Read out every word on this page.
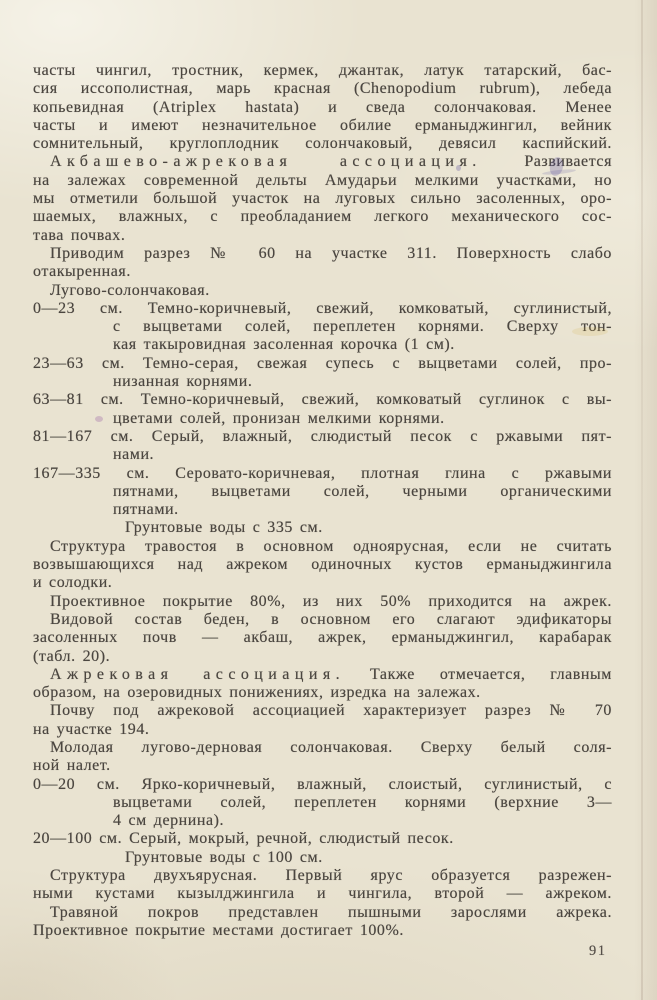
часты чингил, тростник, кермек, джантак, латук татарский, бас-
сия иссополистная, марь красная (Chenopodium rubrum), лебеда
копьевидная (Atriplex hastata) и сведа солончаковая. Менее
часты и имеют незначительное обилие ерманыджингил, вейник
сомнительный, круглоплодник солончаковый, девясил каспийский.
Акбашево-ажрековая ассоциация.	Развивается
на залежах современной дельты Амударьи мелкими участками, но
мы отметили большой участок на луговых сильно засоленных, оро-
шаемых, влажных, с преобладанием легкого механического сос-
тава почвах.
Приводим разрез № 60 на участке 311. Поверхность слабо
отакыренная.
Лугово-солончаковая.
0—23 см. Темно-коричневый, свежий, комковатый, суглинистый,
с выцветами солей, переплетен корнями. Сверху тон-
кая такыровидная засоленная корочка (1 см).
23—63 см. Темно-серая, свежая супесь с выцветами солей, про-
низанная корнями.
63—81 см. Темно-коричневый, свежий, комковатый суглинок с вы-
цветами солей, пронизан мелкими корнями.
81—167 см. Серый, влажный, слюдистый песок с ржавыми пят-
нами.
167—335 см. Серовато-коричневая, плотная глина с ржавыми
пятнами, выцветами солей, черными органическими
пятнами.
Грунтовые воды с 335 см.
Структура травостоя в основном одноярусная, если не считать
возвышающихся над ажреком одиночных кустов ерманыджингила
и солодки.
Проективное покрытие 80%, из них 50% приходится на ажрек.
Видовой состав беден, в основном его слагают эдификаторы
засоленных почв — акбаш, ажрек, ерманыджингил, карабарак
(табл. 20).
Ажрековая ассоциация. Также отмечается, главным
образом, на озеровидных понижениях, изредка на залежах.
Почву под ажрековой ассоциацией характеризует разрез № 70
на участке 194.
Молодая лугово-дерновая солончаковая. Сверху белый соля-
ной налет.
0—20 см. Ярко-коричневый, влажный, слоистый, суглинистый, с
выцветами солей, переплетен корнями (верхние 3—
4 см дернина).
20—100 см. Серый, мокрый, речной, слюдистый песок.
Грунтовые воды с 100 см.
Структура двухъярусная. Первый ярус образуется разрежен-
ными кустами кызылджингила и чингила, второй — ажреком.
Травяной покров представлен пышными зарослями ажрека.
Проективное покрытие местами достигает 100%.
91
